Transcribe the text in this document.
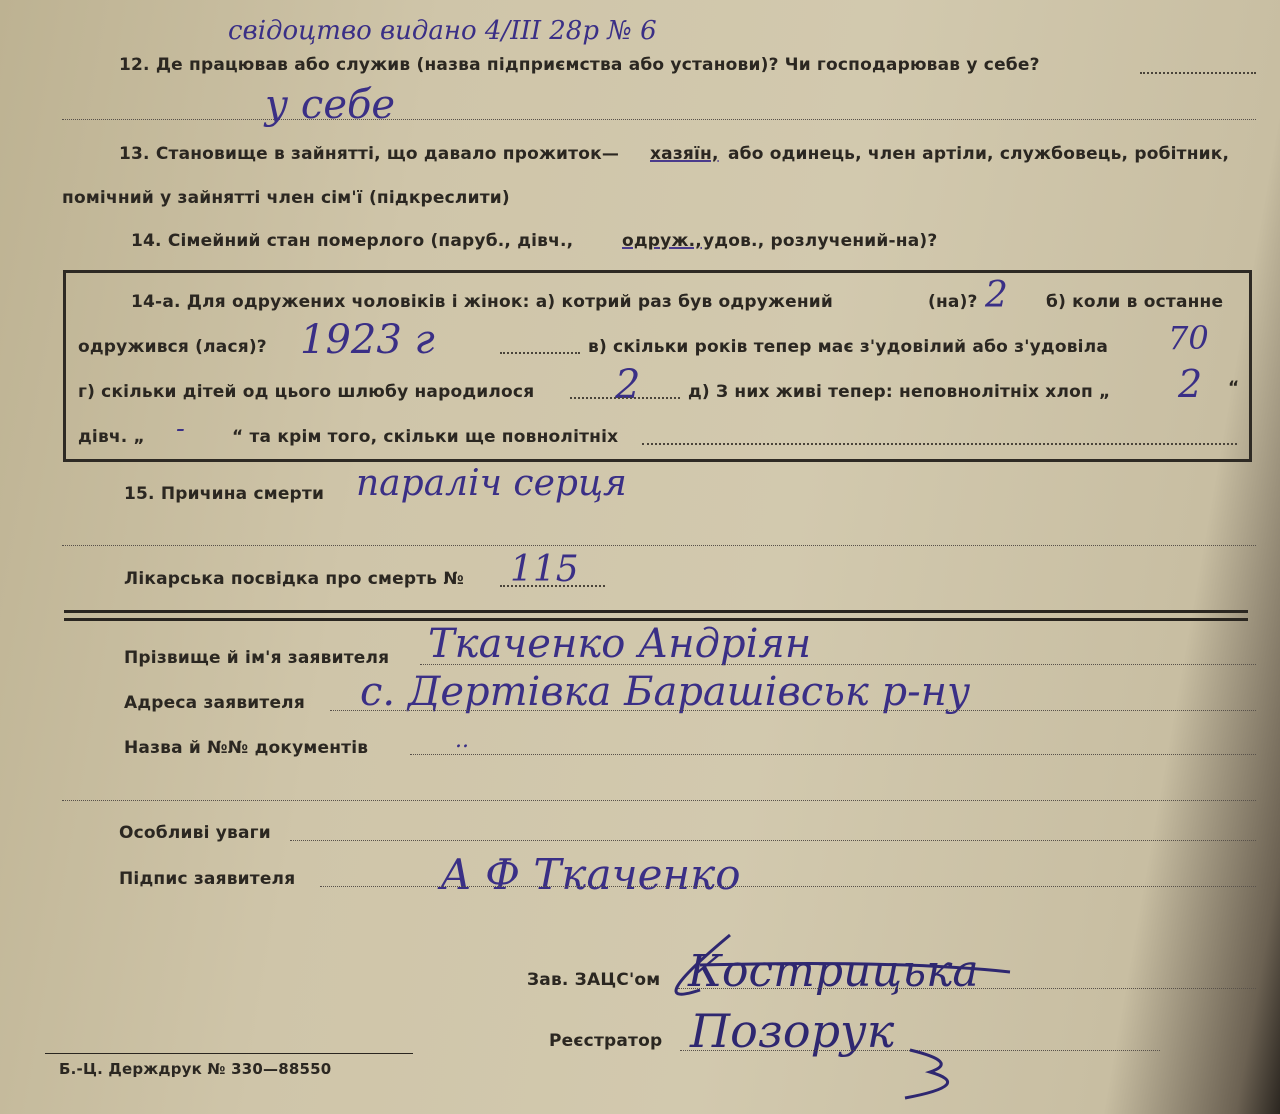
свідоцтво видано 4/ІІІ 28р № 6
12. Де працював або служив (назва підприємства або установи)? Чи господарював у себе?
у себе
13. Становище в зайнятті, що давало прожиток— хазяїн, або одинець, член артіли, службовець, робітник,
помічний у зайнятті член сім'ї (підкреслити)
14. Сімейний стан померлого (паруб., дівч.,	одруж., удов., розлучений-на)?
14-а. Для одружених чоловіків і жінок: а) котрий раз був одружений	(на)? 2 б) коли в останне
одружився (лася)? 1923 г	в) скільки років тепер має з'удовілий або з'удовіла 70
г) скільки дітей од цього шлюбу народилося 2	д) З них живі тепер: неповнолітніх хлоп „ 2 “
дівч. „ -	“ та крім того, скільки ще повнолітніх
15. Причина смерти параліч серця
Лікарська посвідка про смерть № 115
Прізвище й ім'я заявителя Ткаченко Андріян
Адреса заявителя с. Дертівка Барашівськ р-ну
Назва й №№ документів	..
Особливі уваги
Підпис заявителя	А Ф Ткаченко
Зав. ЗАЦС'ом Кострицька
Реєстратор Позорук
Б.-Ц. Держдрук № 330—88550
